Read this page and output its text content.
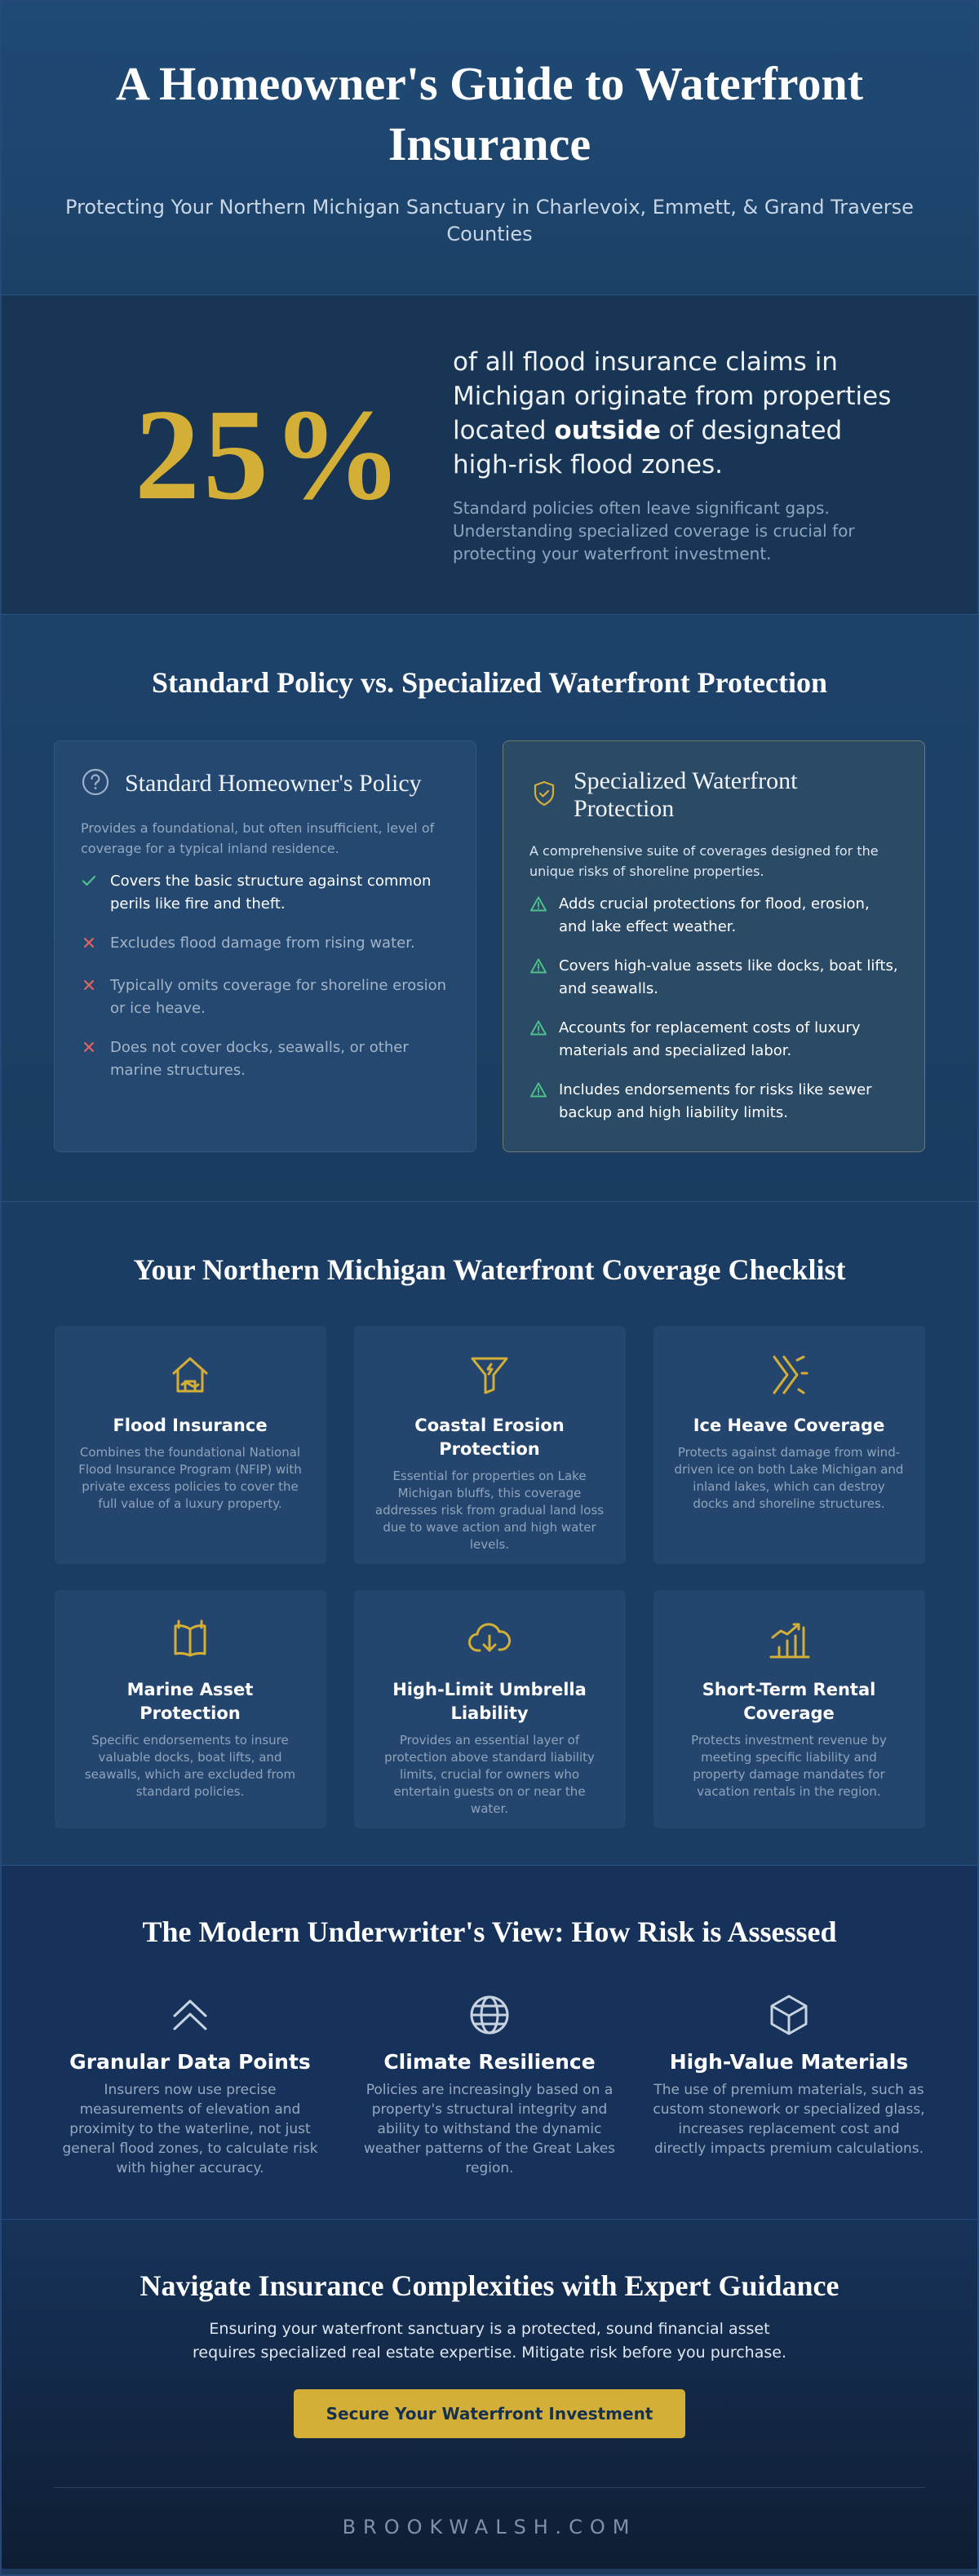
A Homeowner's Guide to Waterfront Insurance

Protecting Your Northern Michigan Sanctuary in Charlevoix, Emmett, & Grand Traverse Counties

25%

of all flood insurance claims in Michigan originate from properties located outside of designated high-risk flood zones.

Standard policies often leave significant gaps. Understanding specialized coverage is crucial for protecting your waterfront investment.

Standard Policy vs. Specialized Waterfront Protection
Standard Homeowner's Policy

Provides a foundational, but often insufficient, level of coverage for a typical inland residence.

Covers the basic structure against common perils like fire and theft.
Excludes flood damage from rising water.
Typically omits coverage for shoreline erosion or ice heave.
Does not cover docks, seawalls, or other marine structures.
Specialized Waterfront Protection

A comprehensive suite of coverages designed for the unique risks of shoreline properties.

Adds crucial protections for flood, erosion, and lake effect weather.
Covers high-value assets like docks, boat lifts, and seawalls.
Accounts for replacement costs of luxury materials and specialized labor.
Includes endorsements for risks like sewer backup and high liability limits.
Your Northern Michigan Waterfront Coverage Checklist
Flood Insurance
Combines the foundational National Flood Insurance Program (NFIP) with private excess policies to cover the full value of a luxury property.
Coastal Erosion Protection
Essential for properties on Lake Michigan bluffs, this coverage addresses risk from gradual land loss due to wave action and high water levels.
Ice Heave Coverage
Protects against damage from wind-driven ice on both Lake Michigan and inland lakes, which can destroy docks and shoreline structures.
Marine Asset Protection
Specific endorsements to insure valuable docks, boat lifts, and seawalls, which are excluded from standard policies.
High-Limit Umbrella Liability
Provides an essential layer of protection above standard liability limits, crucial for owners who entertain guests on or near the water.
Short-Term Rental Coverage
Protects investment revenue by meeting specific liability and property damage mandates for vacation rentals in the region.
The Modern Underwriter's View: How Risk is Assessed
Granular Data Points
Insurers now use precise measurements of elevation and proximity to the waterline, not just general flood zones, to calculate risk with higher accuracy.
Climate Resilience
Policies are increasingly based on a property's structural integrity and ability to withstand the dynamic weather patterns of the Great Lakes region.
High-Value Materials
The use of premium materials, such as custom stonework or specialized glass, increases replacement cost and directly impacts premium calculations.
Navigate Insurance Complexities with Expert Guidance

Ensuring your waterfront sanctuary is a protected, sound financial asset requires specialized real estate expertise. Mitigate risk before you purchase.

Secure Your Waterfront Investment
BROOKWALSH.COM
